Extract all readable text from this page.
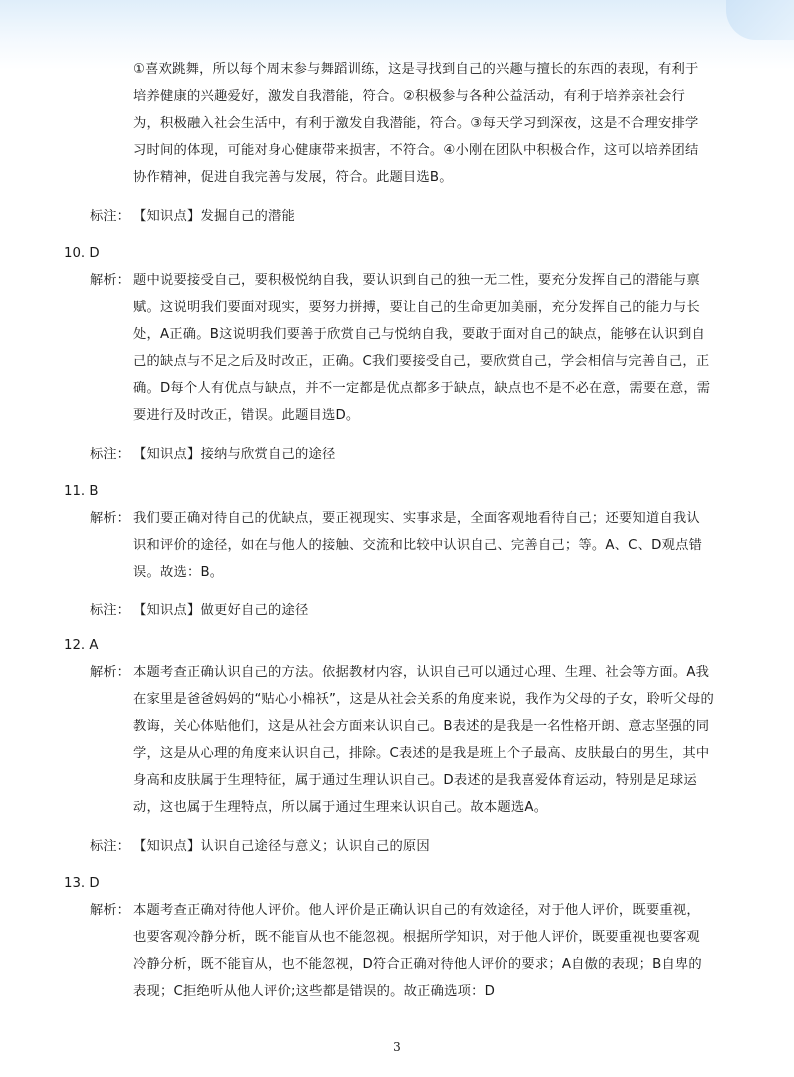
①喜欢跳舞，所以每个周末参与舞蹈训练，这是寻找到自己的兴趣与擅长的东西的表现，有利于
培养健康的兴趣爱好，激发自我潜能，符合。②积极参与各种公益活动，有利于培养亲社会行
为，积极融入社会生活中，有利于激发自我潜能，符合。③每天学习到深夜，这是不合理安排学
习时间的体现，可能对身心健康带来损害，不符合。④小刚在团队中积极合作，这可以培养团结
协作精神，促进自我完善与发展，符合。此题目选B。
标注： 【知识点】发掘自己的潜能
10. D
解析： 题中说要接受自己，要积极悦纳自我，要认识到自己的独一无二性，要充分发挥自己的潜能与禀
赋。这说明我们要面对现实，要努力拼搏，要让自己的生命更加美丽，充分发挥自己的能力与长
处，A正确。B这说明我们要善于欣赏自己与悦纳自我，要敢于面对自己的缺点，能够在认识到自
己的缺点与不足之后及时改正，正确。C我们要接受自己，要欣赏自己，学会相信与完善自己，正
确。D每个人有优点与缺点，并不一定都是优点都多于缺点，缺点也不是不必在意，需要在意，需
要进行及时改正，错误。此题目选D。
标注： 【知识点】接纳与欣赏自己的途径
11. B
解析： 我们要正确对待自己的优缺点，要正视现实、实事求是，全面客观地看待自己；还要知道自我认
识和评价的途径，如在与他人的接触、交流和比较中认识自己、完善自己；等。A、C、D观点错
误。故选：B。
标注： 【知识点】做更好自己的途径
12. A
解析： 本题考查正确认识自己的方法。依据教材内容，认识自己可以通过心理、生理、社会等方面。A我
在家里是爸爸妈妈的“贴心小棉袄”，这是从社会关系的角度来说，我作为父母的子女，聆听父母的
教诲，关心体贴他们，这是从社会方面来认识自己。B表述的是我是一名性格开朗、意志坚强的同
学，这是从心理的角度来认识自己，排除。C表述的是我是班上个子最高、皮肤最白的男生，其中
身高和皮肤属于生理特征，属于通过生理认识自己。D表述的是我喜爱体育运动，特别是足球运
动，这也属于生理特点，所以属于通过生理来认识自己。故本题选A。
标注： 【知识点】认识自己途径与意义；认识自己的原因
13. D
解析： 本题考查正确对待他人评价。他人评价是正确认识自己的有效途径，对于他人评价，既要重视，
也要客观冷静分析，既不能盲从也不能忽视。根据所学知识，对于他人评价，既要重视也要客观
冷静分析，既不能盲从，也不能忽视，D符合正确对待他人评价的要求；A自傲的表现；B自卑的
表现；C拒绝听从他人评价;这些都是错误的。故正确选项：D
3
